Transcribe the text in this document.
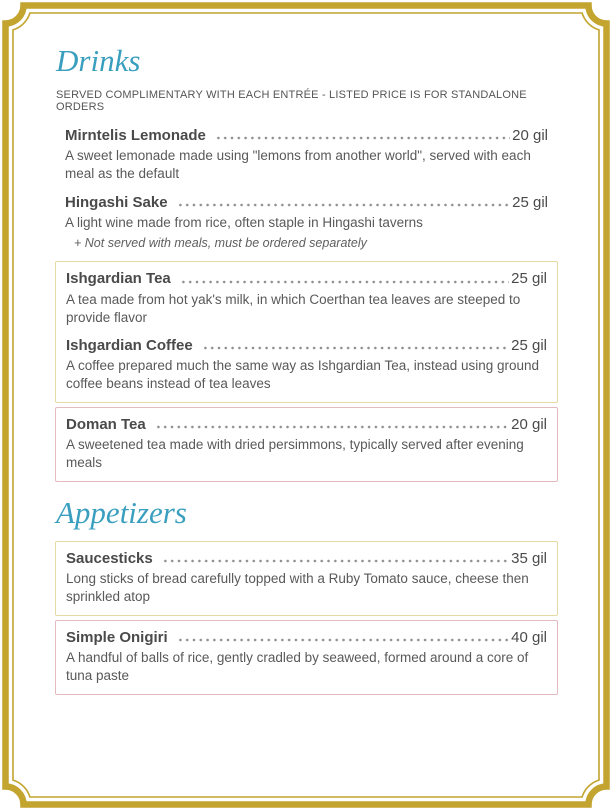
Drinks
SERVED COMPLIMENTARY WITH EACH ENTRÉE - LISTED PRICE IS FOR STANDALONE ORDERS
Mirntelis Lemonade	20 gil
A sweet lemonade made using "lemons from another world", served with each meal as the default
Hingashi Sake	25 gil
A light wine made from rice, often staple in Hingashi taverns
+ Not served with meals, must be ordered separately
Ishgardian Tea	25 gil
A tea made from hot yak's milk, in which Coerthan tea leaves are steeped to provide flavor
Ishgardian Coffee	25 gil
A coffee prepared much the same way as Ishgardian Tea, instead using ground coffee beans instead of tea leaves
Doman Tea	20 gil
A sweetened tea made with dried persimmons, typically served after evening meals
Appetizers
Saucesticks	35 gil
Long sticks of bread carefully topped with a Ruby Tomato sauce, cheese then sprinkled atop
Simple Onigiri	40 gil
A handful of balls of rice, gently cradled by seaweed, formed around a core of tuna paste
